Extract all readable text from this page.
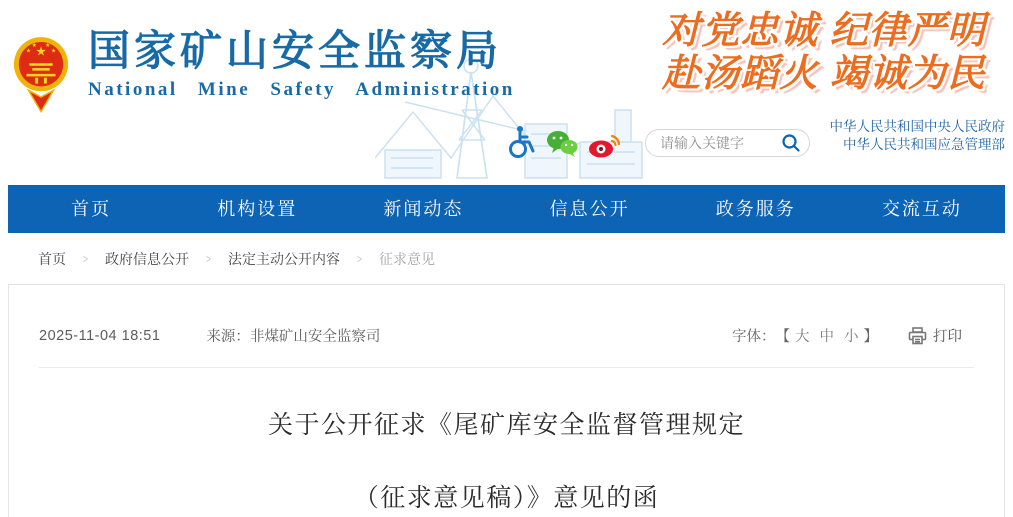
★
★
★ ★
★ 国家矿山安全监察局
National Mine Safety Administration
对党忠诚 纪律严明
赴汤蹈火 竭诚为民
请输入关键字
中华人民共和国中央人民政府
中华人民共和国应急管理部
首页	机构设置	新闻动态	信息公开	政务服务	交流互动
首页 > 政府信息公开 > 法定主动公开内容 > 征求意见
2025-11-04 18:51	来源：非煤矿山安全监察司	字体： 【 大 中 小 】	打印
关于公开征求《尾矿库安全监督管理规定
（征求意见稿）》意见的函
